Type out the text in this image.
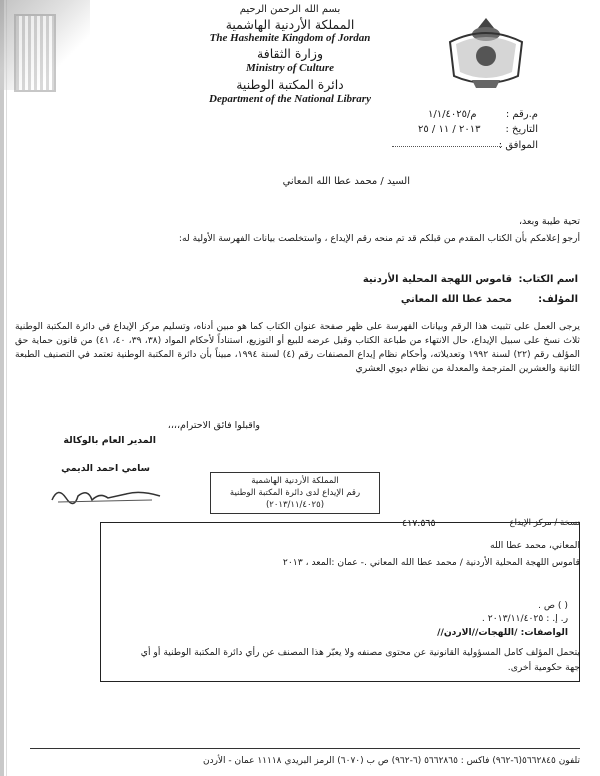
بسم الله الرحمن الرحيم
المملكة الأردنية الهاشمية
The Hashemite Kingdom of Jordan
وزارة الثقافة
Ministry of Culture
دائرة المكتبة الوطنية
Department of the National Library
م.رقم :
م/١/١/٤٠٢٥
التاريخ :
٢٠١٣ / ١١ / ٢٥
الموافق :
السيد / محمد عطا الله المعاني
تحية طيبة وبعد،
أرجو إعلامكم بأن الكتاب المقدم من قبلكم قد تم منحه رقم الإيداع ، واستخلصت بيانات الفهرسة الأولية له:
اسم الكتاب:
قاموس اللهجة المحلية الأردنية
المؤلف:
محمد عطا الله المعاني
يرجى العمل على تثبيت هذا الرقم وبيانات الفهرسة على ظهر صفحة عنوان الكتاب كما هو مبين أدناه، وتسليم مركز الإيداع في دائرة المكتبة الوطنية ثلاث نسخ على سبيل الإيداع، حال الانتهاء من طباعة الكتاب وقبل عرضه للبيع أو التوزيع، استناداً لأحكام المواد (٣٨، ٣٩، ٤٠، ٤١) من قانون حماية حق المؤلف رقم (٢٢) لسنة ١٩٩٢ وتعديلاته، وأحكام نظام إيداع المصنفات رقم (٤) لسنة ١٩٩٤، مبيناً بأن دائرة المكتبة الوطنية تعتمد في التصنيف الطبعة الثانية والعشرين المترجمة والمعدلة من نظام ديوي العشري
واقبلوا فائق الاحترام،،،،
المدير العام بالوكالة
سامي احمد الديمي
المملكة الأردنية الهاشمية
رقم الإيداع لدى دائرة المكتبة الوطنية
(٢٠١٣/١١/٤٠٢٥)
نسخة / مركز الإيداع
٤١٧.٥٦٥
المعاني، محمد عطا الله
قاموس اللهجة المحلية الأردنية / محمد عطا الله المعاني .- عمان :المعد ، ٢٠١٣
( ) ص .
ر. إ. : ٢٠١٣/١١/٤٠٢٥ .
الواصفات: /اللهجات//الاردن//
يتحمل المؤلف كامل المسؤولية القانونية عن محتوى مصنفه ولا يعبّر هذا المصنف عن رأي دائرة المكتبة الوطنية أو أي جهة حكومية أخرى.
تلفون ٥٦٦٢٨٤٥(٦-٩٦٢) فاكس : ٥٦٦٢٨٦٥ (٦-٩٦٢) ص ب (٦٠٧٠) الرمز البريدي ١١١١٨ عمان - الأردن
